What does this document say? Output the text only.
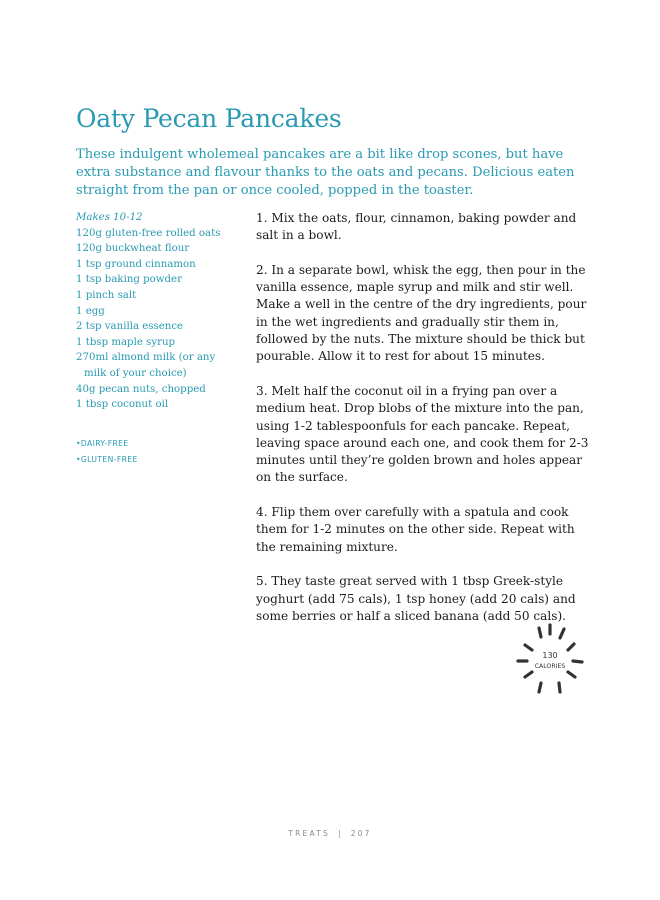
Oaty Pecan Pancakes
These indulgent wholemeal pancakes are a bit like drop scones, but have
extra substance and flavour thanks to the oats and pecans. Delicious eaten
straight from the pan or once cooled, popped in the toaster.
Makes 10-12
120g gluten-free rolled oats
120g buckwheat flour
1 tsp ground cinnamon
1 tsp baking powder
1 pinch salt
1 egg
2 tsp vanilla essence
1 tbsp maple syrup
270ml almond milk (or any
milk of your choice)
40g pecan nuts, chopped
1 tbsp coconut oil
•DAIRY-FREE
•GLUTEN-FREE

1. Mix the oats, flour, cinnamon, baking powder and
salt in a bowl.

2. In a separate bowl, whisk the egg, then pour in the
vanilla essence, maple syrup and milk and stir well.
Make a well in the centre of the dry ingredients, pour
in the wet ingredients and gradually stir them in,
followed by the nuts. The mixture should be thick but
pourable. Allow it to rest for about 15 minutes.

3. Melt half the coconut oil in a frying pan over a
medium heat. Drop blobs of the mixture into the pan,
using 1-2 tablespoonfuls for each pancake. Repeat,
leaving space around each one, and cook them for 2-3
minutes until they’re golden brown and holes appear
on the surface.

4. Flip them over carefully with a spatula and cook
them for 1-2 minutes on the other side. Repeat with
the remaining mixture.

5. They taste great served with 1 tbsp Greek-style
yoghurt (add 75 cals), 1 tsp honey (add 20 cals) and
some berries or half a sliced banana (add 50 cals).

130
CALORIES
TREATS | 207
